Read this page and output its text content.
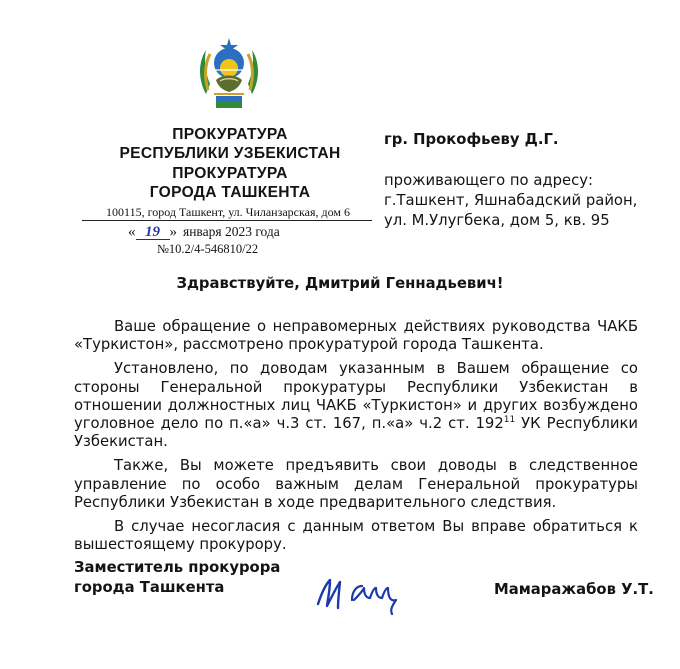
ПРОКУРАТУРА
РЕСПУБЛИКИ УЗБЕКИСТАН
ПРОКУРАТУРА
ГОРОДА ТАШКЕНТА
100115, город Ташкент, ул. Чиланзарская, дом 6
« 19 » января 2023 года
№10.2/4-546810/22
гр. Прокофьеву Д.Г.
проживающего по адресу:
г.Ташкент, Яшнабадский район,
ул. М.Улугбека, дом 5, кв. 95
Здравствуйте, Дмитрий Геннадьевич!

Ваше обращение о неправомерных действиях руководства ЧАКБ «Туркистон», рассмотрено прокуратурой города Ташкента.

Установлено, по доводам указанным в Вашем обращение со стороны Генеральной прокуратуры Республики Узбекистан в отношении должностных лиц ЧАКБ «Туркистон» и других возбуждено уголовное дело по п.«а» ч.3 ст. 167, п.«а» ч.2 ст. $192^{11}$ УК Республики Узбекистан.

Также, Вы можете предъявить свои доводы в следственное управление по особо важным делам Генеральной прокуратуры Республики Узбекистан в ходе предварительного следствия.

В случае несогласия с данным ответом Вы вправе обратиться к вышестоящему прокурору.

Заместитель прокурора
города Ташкента	Мамаражабов У.Т.
